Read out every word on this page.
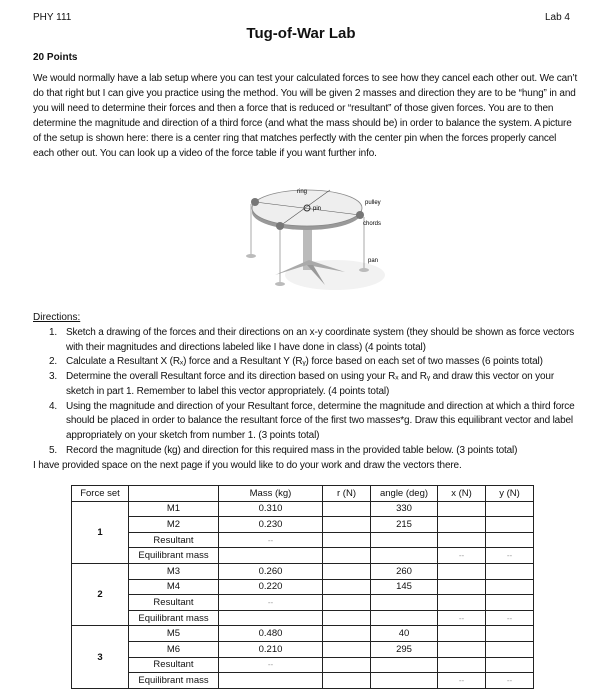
PHY 111	Lab 4
Tug-of-War Lab
20 Points

We would normally have a lab setup where you can test your calculated forces to see how they cancel each other out. We can’t do that right but I can give you practice using the method. You will be given 2 masses and direction they are to be “hung” in and you will need to determine their forces and then a force that is reduced or “resultant” of those given forces. You are to then determine the magnitude and direction of a third force (and what the mass should be) in order to balance the system. A picture of the setup is shown here: there is a center ring that matches perfectly with the center pin when the forces properly cancel each other out. You can look up a video of the force table if you want further info.

ring
pin
pulley
chords
pan
Directions:
1. Sketch a drawing of the forces and their directions on an x-y coordinate system (they should be shown as force vectors with their magnitudes and directions labeled like I have done in class) (4 points total)
2. Calculate a Resultant X (Rₓ) force and a Resultant Y (Rᵧ) force based on each set of two masses (6 points total)
3. Determine the overall Resultant force and its direction based on using your Rₓ and Rᵧ and draw this vector on your sketch in part 1. Remember to label this vector appropriately. (4 points total)
4. Using the magnitude and direction of your Resultant force, determine the magnitude and direction at which a third force should be placed in order to balance the resultant force of the first two masses*g. Draw this equilibrant vector and label appropriately on your sketch from number 1. (3 points total)
5. Record the magnitude (kg) and direction for this required mass in the provided table below. (3 points total)
I have provided space on the next page if you would like to do your work and draw the vectors there.
Force set		Mass (kg)	r (N)	angle (deg)	x (N)	y (N)
1	M1	0.310		330		
	M2	0.230		215		
	Resultant	--				
	Equilibrant mass				--	--
2	M3	0.260		260		
	M4	0.220		145		
	Resultant	--				
	Equilibrant mass				--	--
3	M5	0.480		40		
	M6	0.210		295		
	Resultant	--				
	Equilibrant mass				--	--
